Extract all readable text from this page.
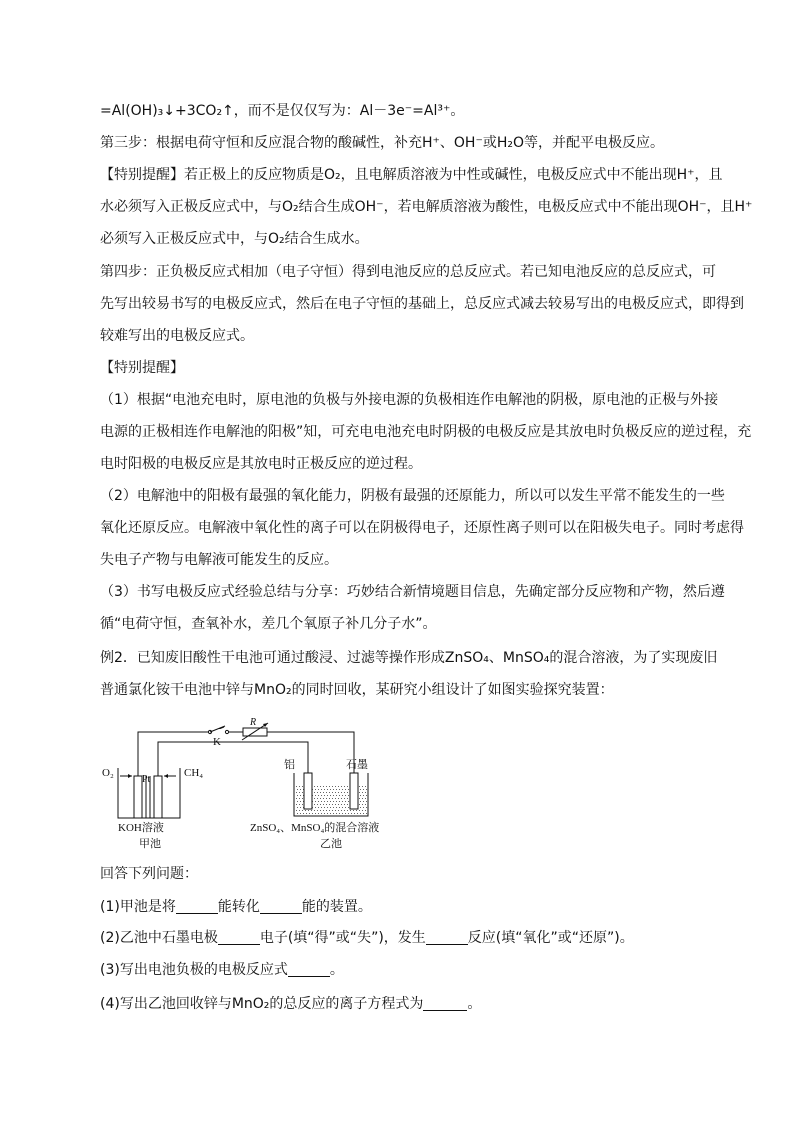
=Al(OH)₃↓+3CO₂↑，而不是仅仅写为：Al－3e⁻=Al³⁺。
第三步：根据电荷守恒和反应混合物的酸碱性，补充H⁺、OH⁻或H₂O等，并配平电极反应。
【特别提醒】若正极上的反应物质是O₂，且电解质溶液为中性或碱性，电极反应式中不能出现H⁺，且
水必须写入正极反应式中，与O₂结合生成OH⁻，若电解质溶液为酸性，电极反应式中不能出现OH⁻，且H⁺
必须写入正极反应式中，与O₂结合生成水。
第四步：正负极反应式相加（电子守恒）得到电池反应的总反应式。若已知电池反应的总反应式，可
先写出较易书写的电极反应式，然后在电子守恒的基础上，总反应式减去较易写出的电极反应式，即得到
较难写出的电极反应式。
【特别提醒】
（1）根据“电池充电时，原电池的负极与外接电源的负极相连作电解池的阴极，原电池的正极与外接
电源的正极相连作电解池的阳极”知，可充电电池充电时阴极的电极反应是其放电时负极反应的逆过程，充
电时阳极的电极反应是其放电时正极反应的逆过程。
（2）电解池中的阳极有最强的氧化能力，阴极有最强的还原能力，所以可以发生平常不能发生的一些
氧化还原反应。电解液中氧化性的离子可以在阴极得电子，还原性离子则可以在阳极失电子。同时考虑得
失电子产物与电解液可能发生的反应。
（3）书写电极反应式经验总结与分享：巧妙结合新情境题目信息，先确定部分反应物和产物，然后遵
循“电荷守恒，查氧补水，差几个氧原子补几分子水”。
例2．已知废旧酸性干电池可通过酸浸、过滤等操作形成ZnSO₄、MnSO₄的混合溶液，为了实现废旧
普通氯化铵干电池中锌与MnO₂的同时回收，某研究小组设计了如图实验探究装置：
K
R
O₂
Pt
CH₄
KOH溶液
甲池
铝	石墨
ZnSO₄、MnSO₄的混合溶液
乙池
回答下列问题：
(1)甲池是将	能转化	能的装置。
(2)乙池中石墨电极	电子(填“得”或“失”)，发生	反应(填“氧化”或“还原”)。
(3)写出电池负极的电极反应式	。
(4)写出乙池回收锌与MnO₂的总反应的离子方程式为	。
